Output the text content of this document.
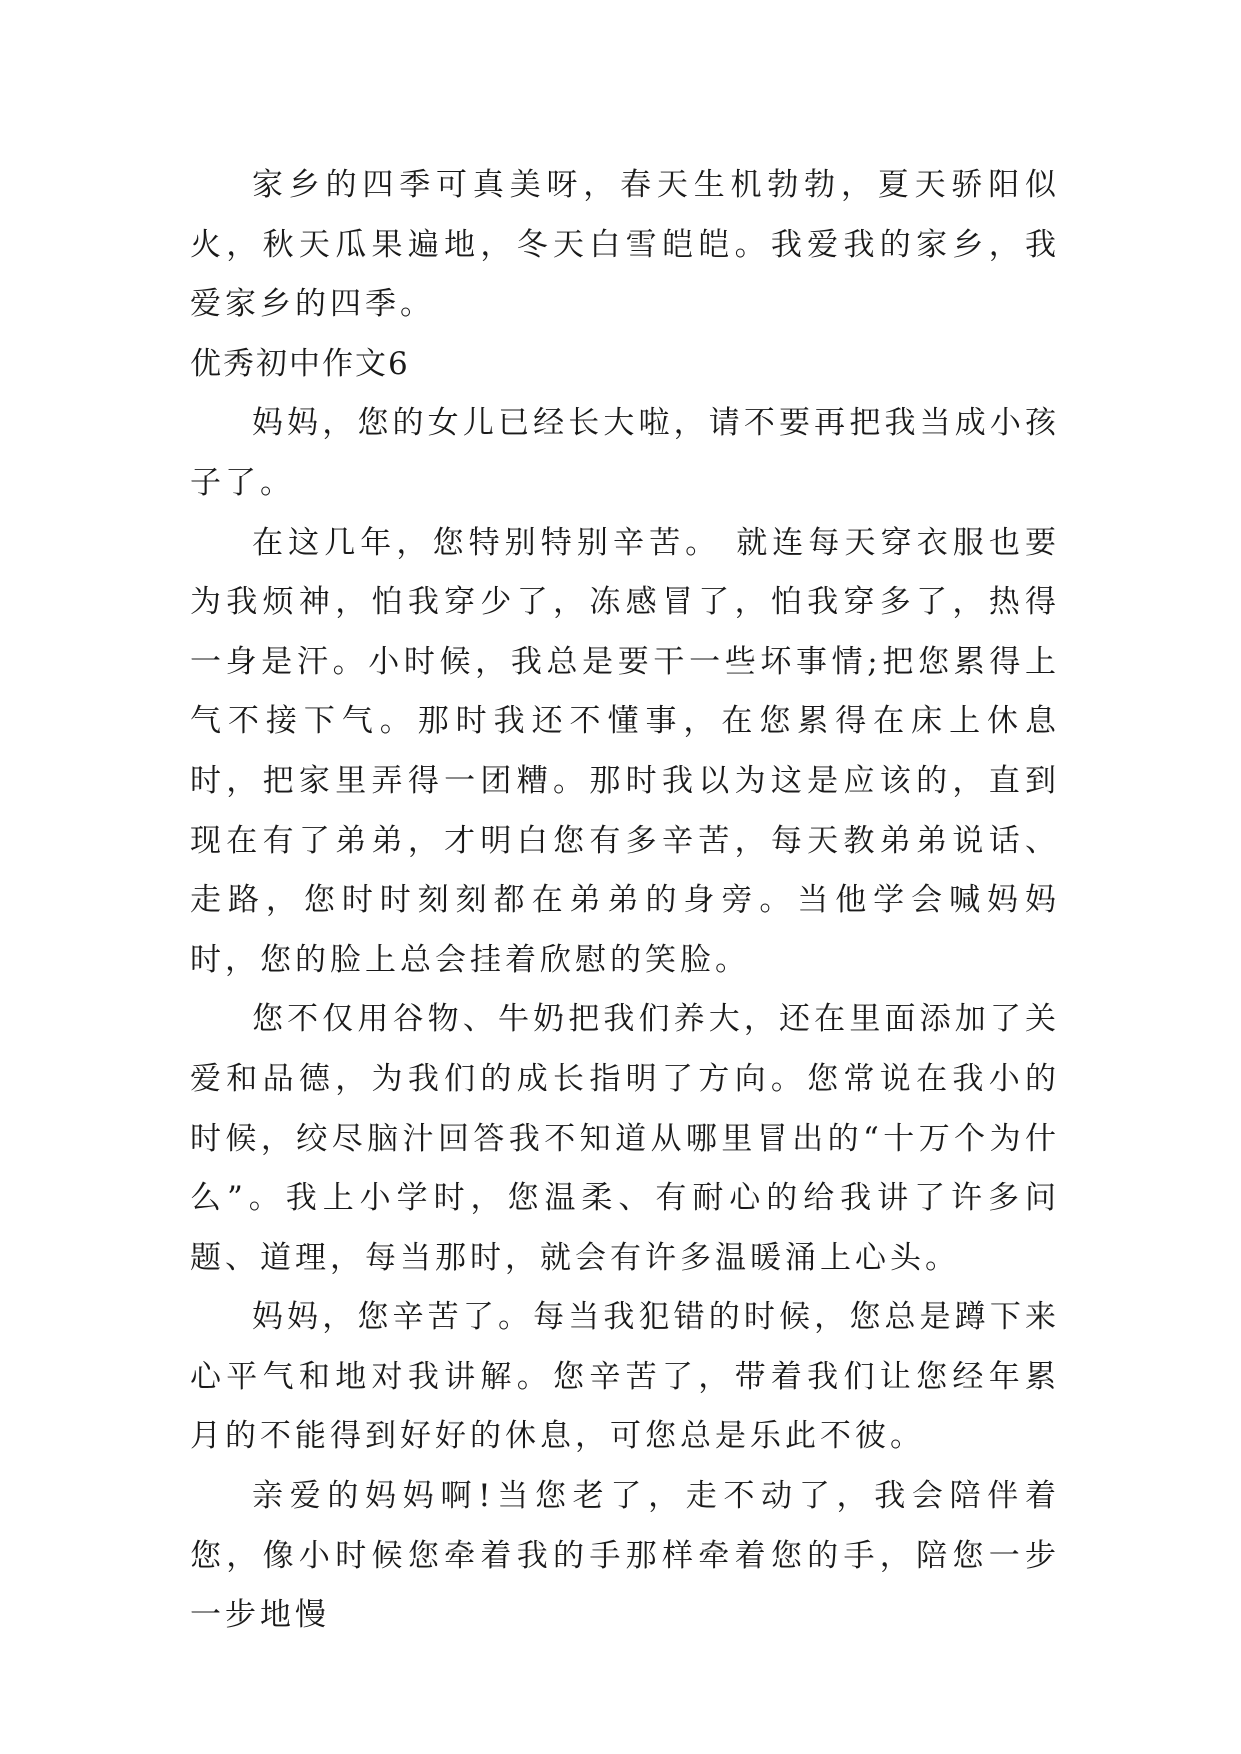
家乡的四季可真美呀，春天生机勃勃，夏天骄阳似火，秋天瓜果遍地，冬天白雪皑皑。我爱我的家乡，我爱家乡的四季。

优秀初中作文6

妈妈，您的女儿已经长大啦，请不要再把我当成小孩子了。

在这几年，您特别特别辛苦。 就连每天穿衣服也要为我烦神，怕我穿少了，冻感冒了，怕我穿多了，热得一身是汗。小时候，我总是要干一些坏事情;把您累得上气不接下气。那时我还不懂事，在您累得在床上休息时，把家里弄得一团糟。那时我以为这是应该的，直到现在有了弟弟，才明白您有多辛苦，每天教弟弟说话、走路，您时时刻刻都在弟弟的身旁。当他学会喊妈妈时，您的脸上总会挂着欣慰的笑脸。

您不仅用谷物、牛奶把我们养大，还在里面添加了关爱和品德，为我们的成长指明了方向。您常说在我小的时候，绞尽脑汁回答我不知道从哪里冒出的“十万个为什么”。我上小学时，您温柔、有耐心的给我讲了许多问题、道理，每当那时，就会有许多温暖涌上心头。

妈妈，您辛苦了。每当我犯错的时候，您总是蹲下来心平气和地对我讲解。您辛苦了，带着我们让您经年累月的不能得到好好的休息，可您总是乐此不彼。

亲爱的妈妈啊!当您老了，走不动了，我会陪伴着您，像小时候您牵着我的手那样牵着您的手，陪您一步一步地慢
